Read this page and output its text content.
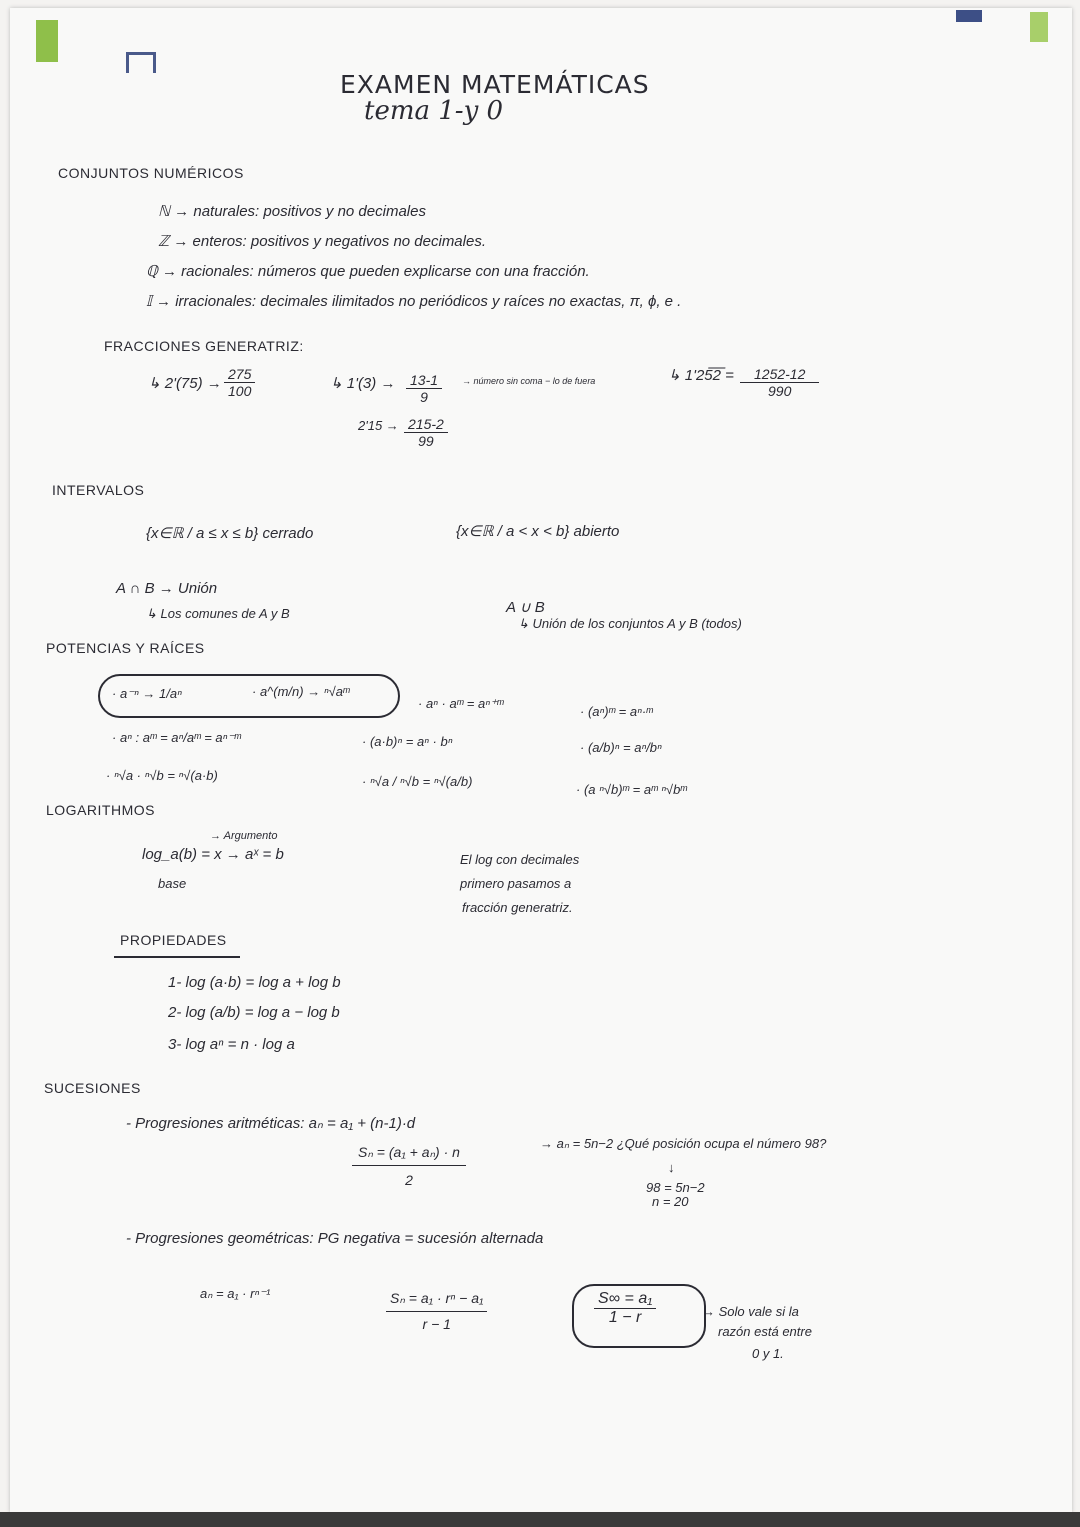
EXAMEN MATEMÁTICAS
tema 1-y 0
CONJUNTOS NUMÉRICOS
ℕ → naturales: positivos y no decimales
ℤ → enteros: positivos y negativos no decimales.
ℚ → racionales: números que pueden explicarse con una fracción.
𝕀 → irracionales: decimales ilimitados no periódicos y raíces no exactas, π, ϕ, e .
FRACCIONES GENERATRIZ:
↳ $2'(75) \to \frac{275}{100}$	↳ $1'(3) \to \frac{13-1}{9}$ → número sin coma − lo de fuera
$2'15 \to \frac{215-2}{99}$
↳ 1'25̅2̅ = $\frac{1252-12}{990}$
INTERVALOS
{x∈ℝ / a ≤ x ≤ b} cerrado	{x∈ℝ / a < x < b} abierto
A ∩ B → Unión
↳ Los comunes de A y B	A ∪ B
↳ Unión de los conjuntos A y B (todos)
POTENCIAS Y RAÍCES
· a⁻ⁿ → 1/aⁿ	· a^(m/n) → ⁿ√aᵐ
· aⁿ · aᵐ = aⁿ⁺ᵐ
· (aⁿ)ᵐ = aⁿ·ᵐ
· aⁿ : aᵐ = aⁿ/aᵐ = aⁿ⁻ᵐ	· (a·b)ⁿ = aⁿ · bⁿ	· (a/b)ⁿ = aⁿ/bⁿ
· ⁿ√a · ⁿ√b = ⁿ√(a·b)	· ⁿ√a / ⁿ√b = ⁿ√(a/b)
· (a ⁿ√b)ᵐ = aᵐ ⁿ√bᵐ
LOGARITHMOS
log_a(b) = x → aˣ = b
→ Argumento
base
El log con decimales
primero pasamos a
fracción generatriz.
PROPIEDADES
1- log (a·b) = log a + log b
2- log (a/b) = log a − log b
3- log aⁿ = n · log a
SUCESIONES
- Progresiones aritméticas: aₙ = a₁ + (n-1)·d
$\frac{\text{Sₙ = (a₁ + aₙ) · n}}{2}$
→ aₙ = 5n−2 ¿Qué posición ocupa el número 98?
↓
98 = 5n−2
n = 20
- Progresiones geométricas: PG negativa = sucesión alternada
aₙ = a₁ · rⁿ⁻¹	$\frac{\text{Sₙ = a₁ · rⁿ − a₁}}{r - 1}$	$\frac{\text{S∞ = a₁}}{1 - r}$	→ Solo vale si la
razón está entre
0 y 1.
